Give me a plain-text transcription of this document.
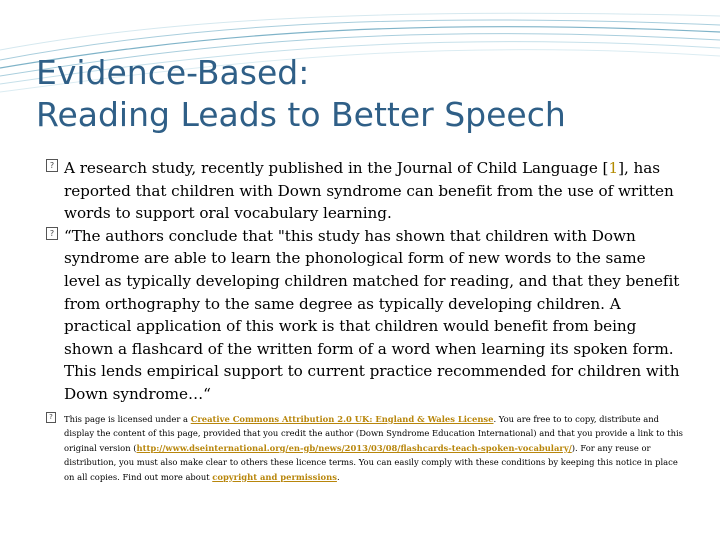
Evidence-Based:
Reading Leads to Better Speech
? A research study, recently published in the Journal of Child Language [1], has reported that children with Down syndrome can benefit from the use of written words to support oral vocabulary learning.
? “The authors conclude that "this study has shown that children with Down syndrome are able to learn the phonological form of new words to the same level as typically developing children matched for reading, and that they benefit from orthography to the same degree as typically developing children. A practical application of this work is that children would benefit from being shown a flashcard of the written form of a word when learning its spoken form. This lends empirical support to current practice recommended for children with Down syndrome…“
?	This page is licensed under a Creative Commons Attribution 2.0 UK: England & Wales License. You are free to to copy, distribute and display the content of this page, provided that you credit the author (Down Syndrome Education International) and that you provide a link to this original version (http://www.dseinternational.org/en-gb/news/2013/03/08/flashcards-teach-spoken-vocabulary/). For any reuse or distribution, you must also make clear to others these licence terms. You can easily comply with these conditions by keeping this notice in place on all copies. Find out more about copyright and permissions.
